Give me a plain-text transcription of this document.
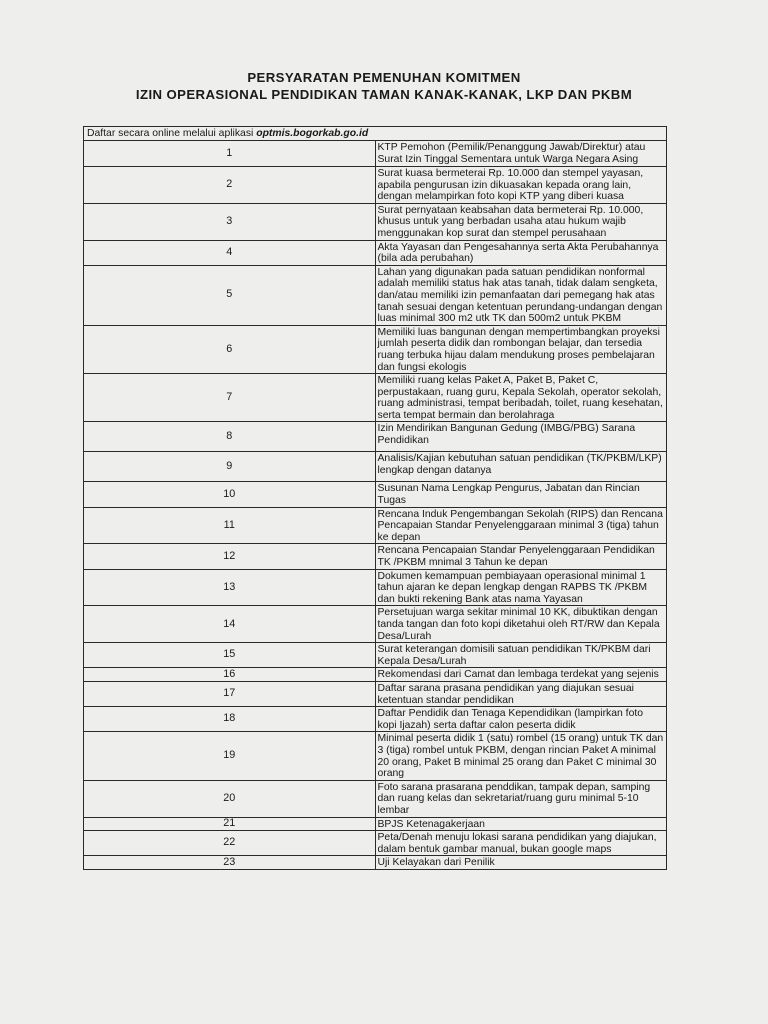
PERSYARATAN PEMENUHAN KOMITMEN
IZIN OPERASIONAL PENDIDIKAN TAMAN KANAK-KANAK, LKP DAN PKBM
Daftar secara online melalui aplikasi optmis.bogorkab.go.id	
1	KTP Pemohon (Pemilik/Penanggung Jawab/Direktur) atau Surat Izin Tinggal Sementara untuk Warga Negara Asing
2	Surat kuasa bermeterai Rp. 10.000 dan stempel yayasan, apabila pengurusan izin dikuasakan kepada orang lain, dengan melampirkan foto kopi KTP yang diberi kuasa
3	Surat pernyataan keabsahan data bermeterai Rp. 10.000, khusus untuk yang berbadan usaha atau hukum wajib menggunakan kop surat dan stempel perusahaan
4	Akta Yayasan dan Pengesahannya serta Akta Perubahannya (bila ada perubahan)
5	Lahan yang digunakan pada satuan pendidikan nonformal adalah memiliki status hak atas tanah, tidak dalam sengketa, dan/atau memiliki izin pemanfaatan dari pemegang hak atas tanah sesuai dengan ketentuan perundang-undangan dengan luas minimal 300 m2 utk TK dan 500m2 untuk PKBM
6	Memiliki luas bangunan dengan mempertimbangkan proyeksi jumlah peserta didik dan rombongan belajar, dan tersedia ruang terbuka hijau dalam mendukung proses pembelajaran dan fungsi ekologis
7	Memiliki ruang kelas Paket A, Paket B, Paket C, perpustakaan, ruang guru, Kepala Sekolah, operator sekolah, ruang administrasi, tempat beribadah, toilet, ruang kesehatan, serta tempat bermain dan berolahraga
8	Izin Mendirikan Bangunan Gedung (IMBG/PBG) Sarana Pendidikan
9	Analisis/Kajian kebutuhan satuan pendidikan (TK/PKBM/LKP) lengkap dengan datanya
10	Susunan Nama Lengkap Pengurus, Jabatan dan Rincian Tugas
11	Rencana Induk Pengembangan Sekolah (RIPS) dan Rencana Pencapaian Standar Penyelenggaraan minimal 3 (tiga) tahun ke depan
12	Rencana Pencapaian Standar Penyelenggaraan Pendidikan TK /PKBM mnimal 3 Tahun ke depan
13	Dokumen kemampuan pembiayaan operasional minimal 1 tahun ajaran ke depan lengkap dengan RAPBS TK /PKBM dan bukti rekening Bank atas nama Yayasan
14	Persetujuan warga sekitar minimal 10 KK, dibuktikan dengan tanda tangan dan foto kopi diketahui oleh RT/RW dan Kepala Desa/Lurah
15	Surat keterangan domisili satuan pendidikan TK/PKBM dari Kepala Desa/Lurah
16	Rekomendasi dari Camat dan lembaga terdekat yang sejenis
17	Daftar sarana prasana pendidikan yang diajukan sesuai ketentuan standar pendidikan
18	Daftar Pendidik dan Tenaga Kependidikan (lampirkan foto kopi Ijazah) serta daftar calon peserta didik
19	Minimal peserta didik 1 (satu) rombel (15 orang) untuk TK dan 3 (tiga) rombel untuk PKBM, dengan rincian Paket A minimal 20 orang, Paket B minimal 25 orang dan Paket C minimal 30 orang
20	Foto sarana prasarana penddikan, tampak depan, samping dan ruang kelas dan sekretariat/ruang guru minimal 5-10 lembar
21	BPJS Ketenagakerjaan
22	Peta/Denah menuju lokasi sarana pendidikan yang diajukan, dalam bentuk gambar manual, bukan google maps
23	Uji Kelayakan dari Penilik
